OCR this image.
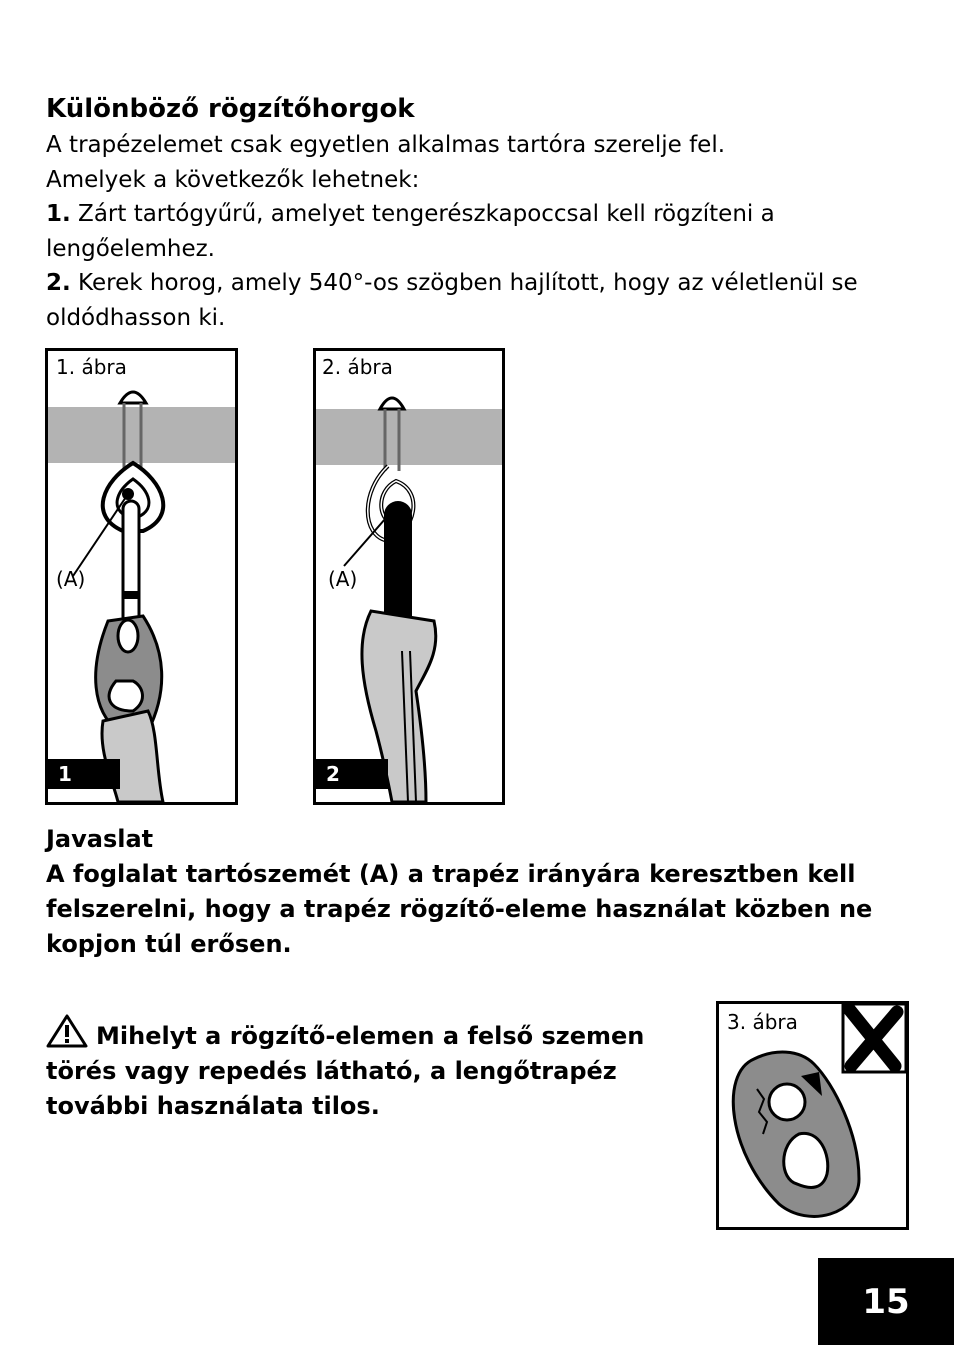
Különböző rögzítőhorgok

A trapézelemet csak egyetlen alkalmas tartóra szerelje fel.

Amelyek a következők lehetnek:

1. Zárt tartógyűrű, amelyet tengerészkapoccsal kell rögzíteni a lengőelemhez.

2. Kerek horog, amely 540°-os szögben hajlított, hogy az véletlenül se oldódhasson ki.

1. ábra
(A)
1
2. ábra
(A)
2
Javaslat
A foglalat tartószemét (A) a trapéz irányára keresztben kell felszerelni, hogy a trapéz rögzítő-eleme használat közben ne kopjon túl erősen.
Mihelyt a rögzítő-elemen a felső szemen törés vagy repedés látható, a lengőtrapéz további használata tilos.
3. ábra
15
